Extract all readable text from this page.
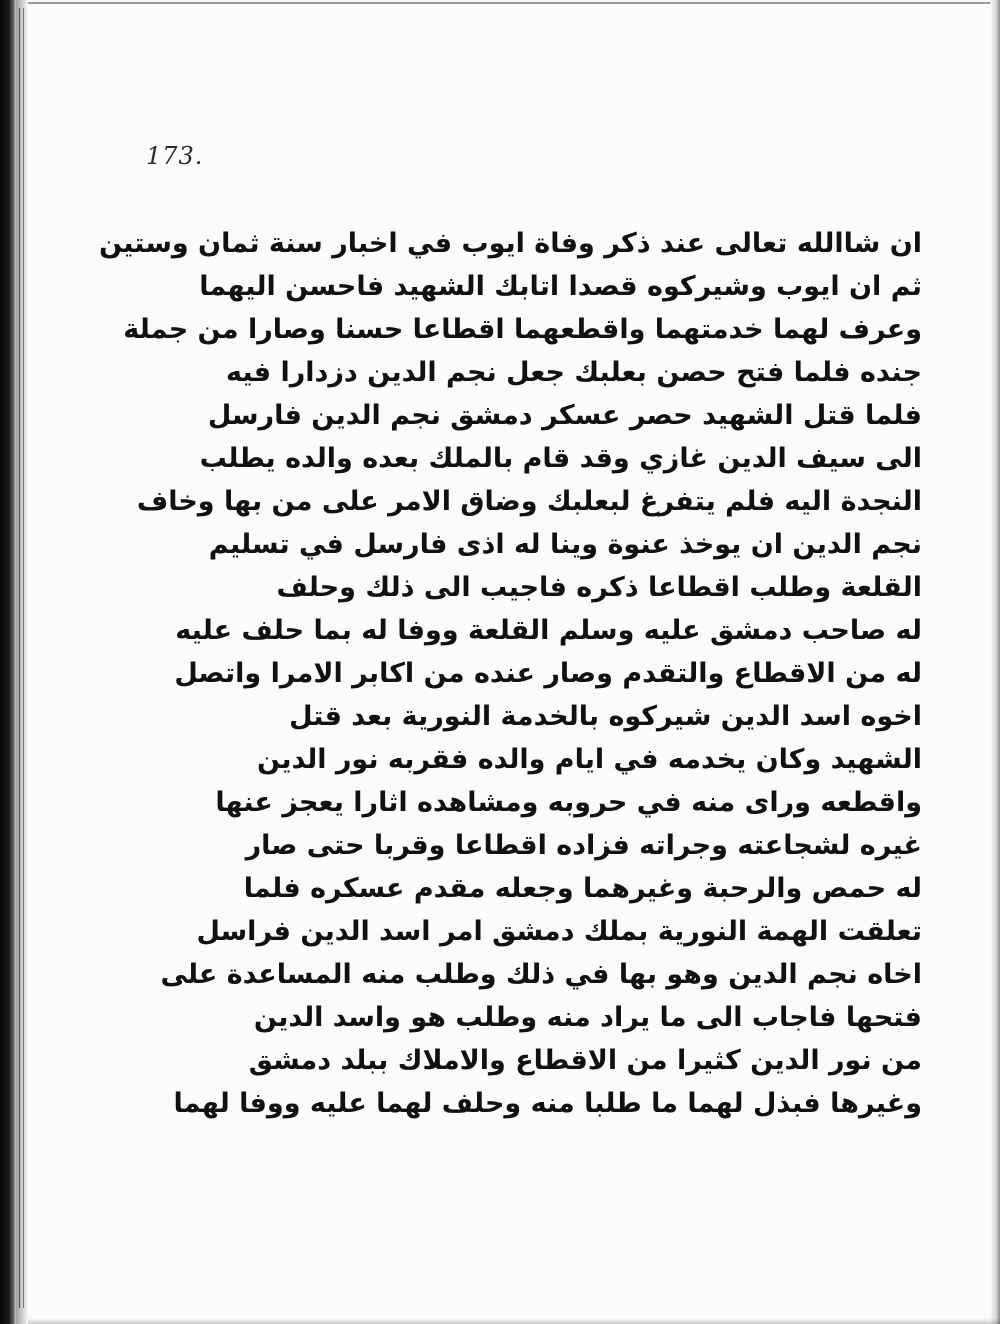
173.
ان شاالله تعالى عند ذكر وفاة ايوب في اخبار سنة ثمان وستين
ثم ان ايوب وشيركوه قصدا اتابك الشهيد فاحسن اليهما
وعرف لهما خدمتهما واقطعهما اقطاعا حسنا وصارا من جملة
جنده فلما فتح حصن بعلبك جعل نجم الدين دزدارا فيه
فلما قتل الشهيد حصر عسكر دمشق نجم الدين فارسل
الى سيف الدين غازي وقد قام بالملك بعده والده يطلب
النجدة اليه فلم يتفرغ لبعلبك وضاق الامر على من بها وخاف
نجم الدين ان يوخذ عنوة وينا له اذى فارسل في تسليم
القلعة وطلب اقطاعا ذكره فاجيب الى ذلك وحلف
له صاحب دمشق عليه وسلم القلعة ووفا له بما حلف عليه
له من الاقطاع والتقدم وصار عنده من اكابر الامرا واتصل
اخوه اسد الدين شيركوه بالخدمة النورية بعد قتل
الشهيد وكان يخدمه في ايام والده فقربه نور الدين
واقطعه وراى منه في حروبه ومشاهده اثارا يعجز عنها
غيره لشجاعته وجراته فزاده اقطاعا وقربا حتى صار
له حمص والرحبة وغيرهما وجعله مقدم عسكره فلما
تعلقت الهمة النورية بملك دمشق امر اسد الدين فراسل
اخاه نجم الدين وهو بها في ذلك وطلب منه المساعدة على
فتحها فاجاب الى ما يراد منه وطلب هو واسد الدين
من نور الدين كثيرا من الاقطاع والاملاك ببلد دمشق
وغيرها فبذل لهما ما طلبا منه وحلف لهما عليه ووفا لهما
